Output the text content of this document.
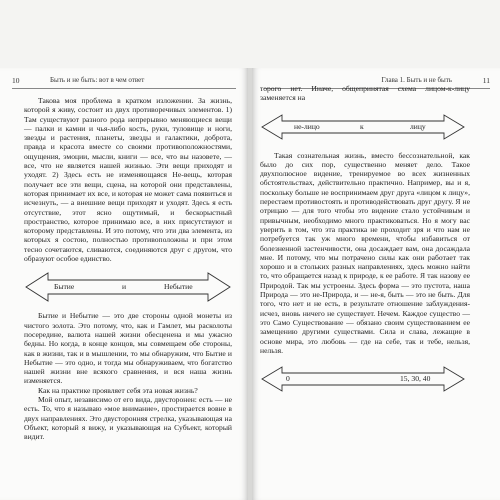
10	Быть и не быть: вот в чем ответ

Такова моя проблема в кратком изложении. За жизнь, которой я живу, состоит из двух противоречивых элементов. 1) Там существуют разного рода непрерывно меняющиеся вещи — палки и камни и чья-либо кость, руки, туловище и ноги, звезды и растения, планеты, звезды и галактики, доброта, правда и красота вместе со своими противоположностями, ощущения, эмоции, мысли, книги — все, что вы назовете, — все, что не является нашей жизнью. Эти вещи приходят и уходят. 2) Здесь есть не изменяющаяся Не-вещь, которая получает все эти вещи, сцена, на которой они представлены, которая принимает их все, и которая не может сама появиться и исчезнуть, — а внешние вещи приходят и уходят. Здесь я есть отсутствие, этот ясно ощутимый, и бескорыстный пространство, которое принимаю все, в них присутствуют и которому представлены. И это потому, что эти два элемента, из которых я состою, полностью противоположны и при этом тесно сочетаются, сливаются, соединяются друг с другом, что образуют особое единство.

Бытие	и	Небытие

Бытие и Небытие — это две стороны одной монеты из чистого золота. Это потому, что, как и Гамлет, мы расколоты посередине, валюта нашей жизни обесценена и мы ужасно бедны. Но когда, в конце концов, мы совмещаем обе стороны, как в жизни, так и в мышлении, то мы обнаружим, что Бытие и Небытие — это одно, и тогда мы обнаруживаем, что богатство нашей жизни вне всякого сравнения, и вся наша жизнь изменяется.

Как на практике проявляет себя эта новая жизнь?

Мой опыт, независимо от его вида, двусторонен: есть — не есть. То, что я называю «мое внимание», простирается вовне в двух направлениях. Это двусторонняя стрелка, указывающая на Объект, который я вижу, и указывающая на Субъект, который видит.

Глава 1. Быть и не быть	11

торого нет. Иначе, общепринятая схема лицом-к-лицу заменяется на

не-лицо	к	лицу

Такая сознательная жизнь, вместо бессознательной, как было до сих пор, существенно меняет дело. Такое двухполюсное видение, тренируемое во всех жизненных обстоятельствах, действительно практично. Например, вы и я, поскольку больше не воспринимаем друг друга «лицом к лицу», перестаем противостоять и противодействовать друг другу. Я не отрицаю — для того чтобы это видение стало устойчивым и привычным, необходимо много практиковаться. Но я могу вас уверить в том, что эта практика не проходит зря и что нам не потребуется так уж много времени, чтобы избавиться от болезненной застенчивости, она досаждает вам, она досаждала мне. И потому, что мы потрачено силы как они работает так хорошо и в стольких разных направлениях, здесь можно найти то, что обращается назад к природе, к ее работе. Я так назову ее Природой. Так мы устроены. Здесь форма — это пустота, наша Природа — это не-Природа, и — не-я, быть — это не быть. Для того, что нет и не есть, в результате отношение заблуждения-исчез, вновь ничего не существует. Нечем. Каждое существо — это Само Существование — обязано своим существованием ее замещению другими существами. Сила и слава, лежащие в основе мира, это любовь — где на себе, так и тебе, нельзя, нельзя.

0	15, 30, 40
